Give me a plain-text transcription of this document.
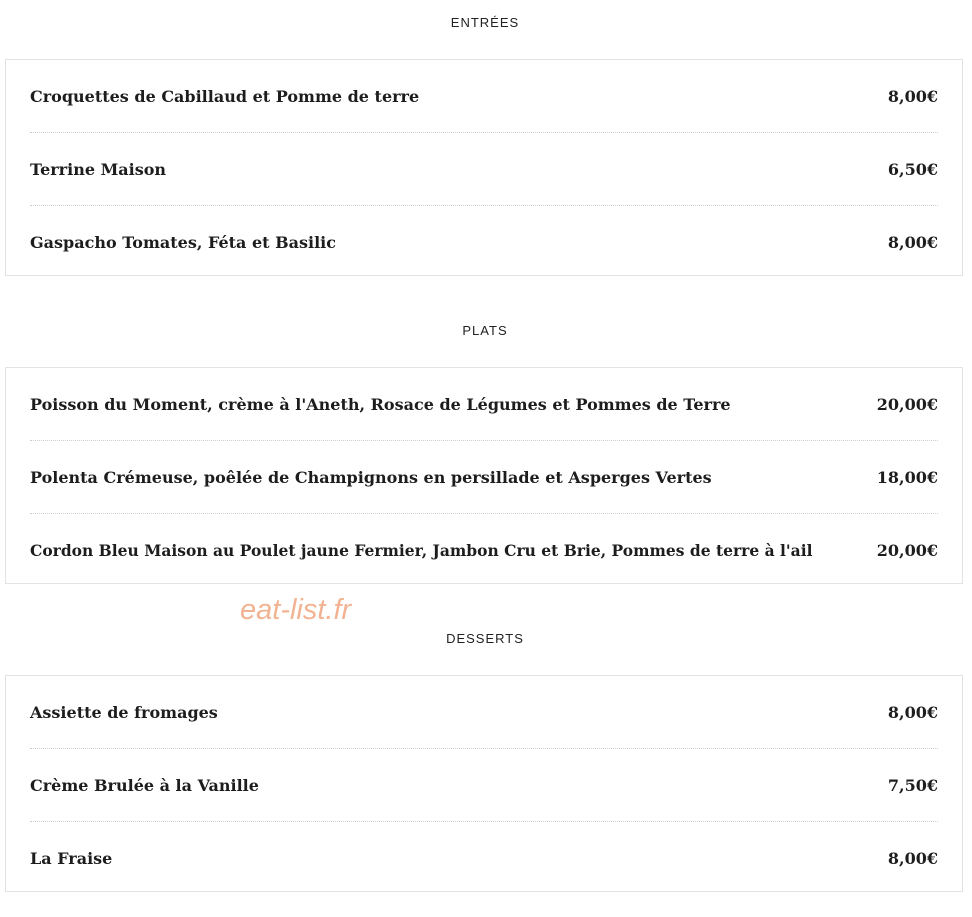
ENTRÉES
Croquettes de Cabillaud et Pomme de terre	8,00€
Terrine Maison	6,50€
Gaspacho Tomates, Féta et Basilic	8,00€
PLATS
Poisson du Moment, crème à l'Aneth, Rosace de Légumes et Pommes de Terre	20,00€
Polenta Crémeuse, poêlée de Champignons en persillade et Asperges Vertes	18,00€
Cordon Bleu Maison au Poulet jaune Fermier, Jambon Cru et Brie, Pommes de terre à l'ail	20,00€
eat-list.fr
DESSERTS
Assiette de fromages	8,00€
Crème Brulée à la Vanille	7,50€
La Fraise	8,00€
